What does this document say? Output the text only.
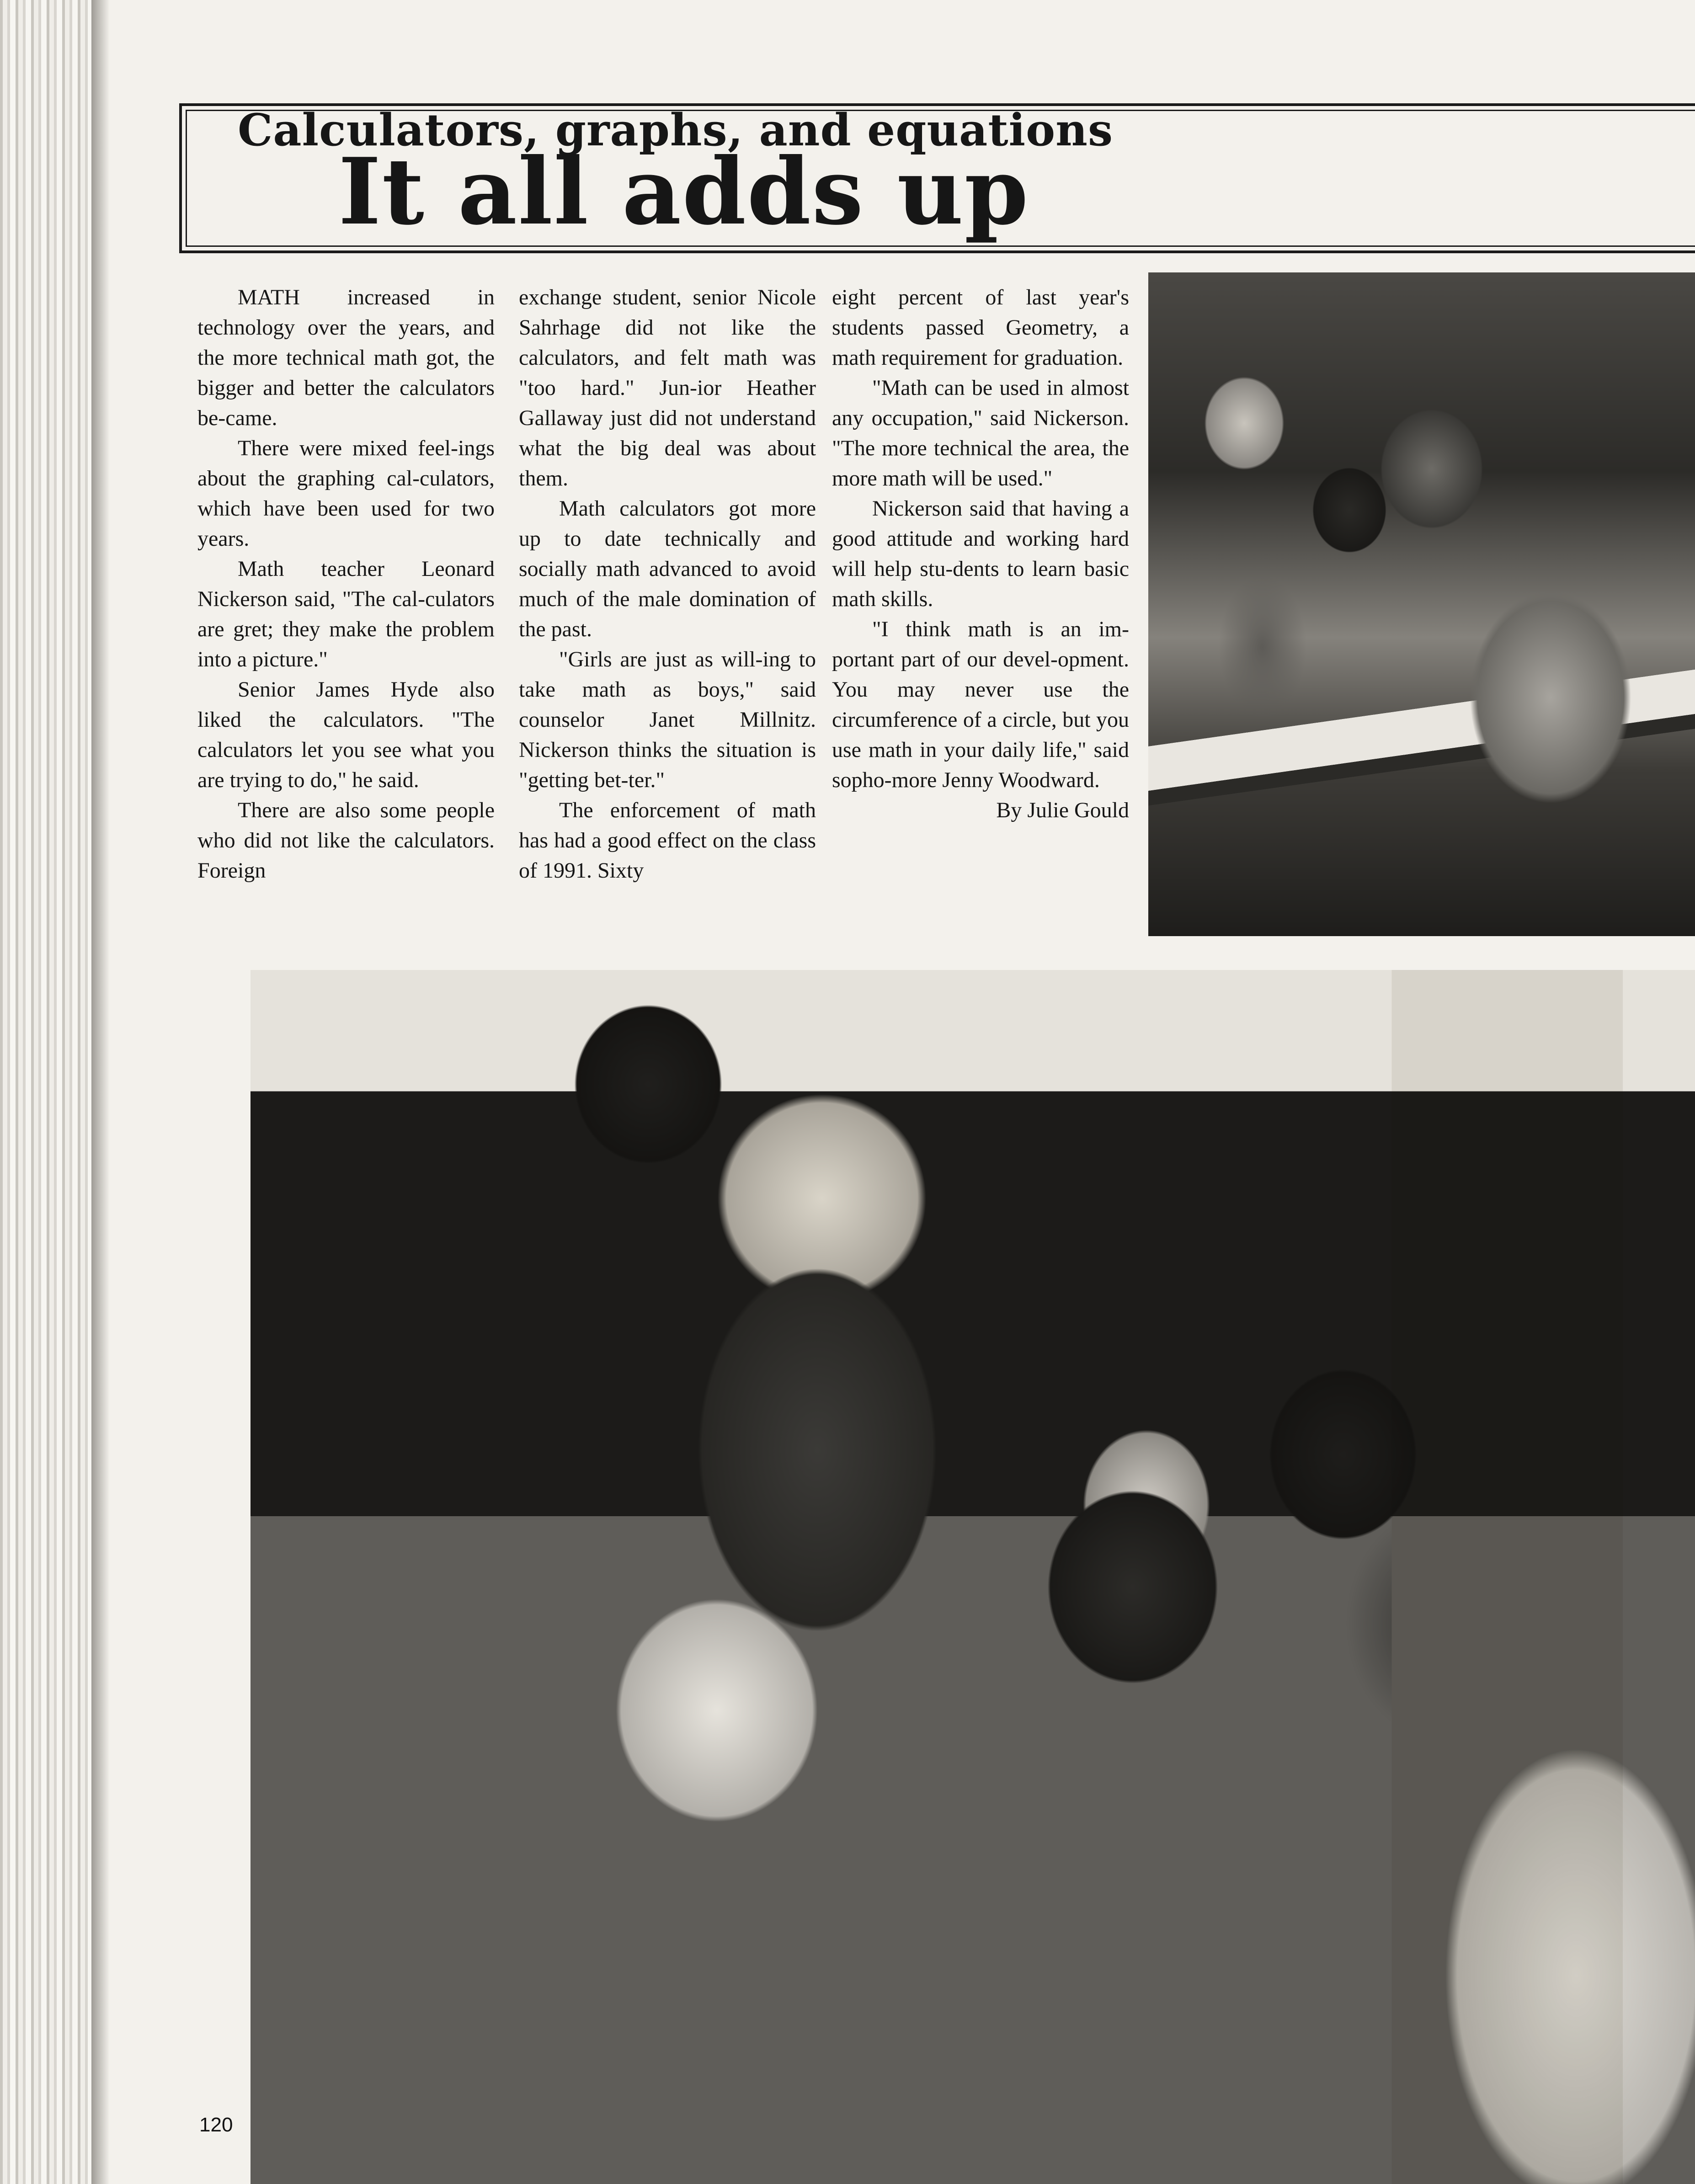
Calculators, graphs, and equations
It all adds up

MATH increased in technology over the years, and the more technical math got, the bigger and better the calculators be-came.

There were mixed feel-ings about the graphing cal-culators, which have been used for two years.

Math teacher Leonard Nickerson said, "The cal-culators are gret; they make the problem into a picture."

Senior James Hyde also liked the calculators. "The calculators let you see what you are trying to do," he said.

There are also some people who did not like the calculators. Foreign

exchange student, senior Nicole Sahrhage did not like the calculators, and felt math was "too hard." Jun-ior Heather Gallaway just did not understand what the big deal was about them.

Math calculators got more up to date technically and socially math advanced to avoid much of the male domination of the past.

"Girls are just as will-ing to take math as boys," said counselor Janet Millnitz. Nickerson thinks the situation is "getting bet-ter."

The enforcement of math has had a good effect on the class of 1991. Sixty

eight percent of last year's students passed Geometry, a math requirement for graduation.

"Math can be used in almost any occupation," said Nickerson. "The more technical the area, the more math will be used."

Nickerson said that having a good attitude and working hard will help stu-dents to learn basic math skills.

"I think math is an im-portant part of our devel-opment. You may never use the circumference of a circle, but you use math in your daily life," said sopho-more Jenny Woodward.

By Julie Gould

120
